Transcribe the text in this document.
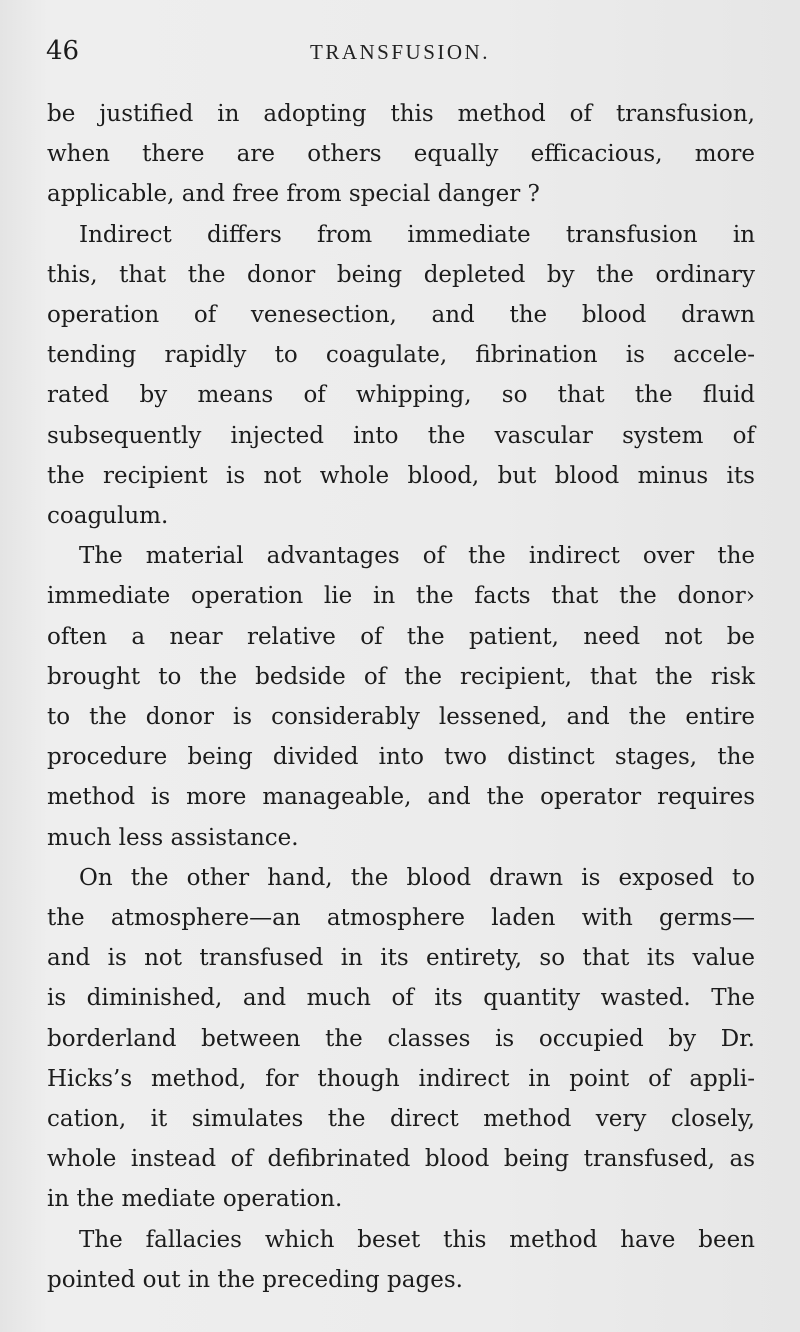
46	TRANSFUSION.

be justified in adopting this method of transfusion,
when there are others equally efficacious, more
applicable, and free from special danger ?

Indirect differs from immediate transfusion in
this, that the donor being depleted by the ordinary
operation of venesection, and the blood drawn
tending rapidly to coagulate, fibrination is accele-
rated by means of whipping, so that the fluid
subsequently injected into the vascular system of
the recipient is not whole blood, but blood minus its
coagulum.

The material advantages of the indirect over the
immediate operation lie in the facts that the donor›
often a near relative of the patient, need not be
brought to the bedside of the recipient, that the risk
to the donor is considerably lessened, and the entire
procedure being divided into two distinct stages, the
method is more manageable, and the operator requires
much less assistance.

On the other hand, the blood drawn is exposed to
the atmosphere—an atmosphere laden with germs—
and is not transfused in its entirety, so that its value
is diminished, and much of its quantity wasted. The
borderland between the classes is occupied by Dr.
Hicks’s method, for though indirect in point of appli-
cation, it simulates the direct method very closely,
whole instead of defibrinated blood being transfused, as
in the mediate operation.

The fallacies which beset this method have been
pointed out in the preceding pages.
